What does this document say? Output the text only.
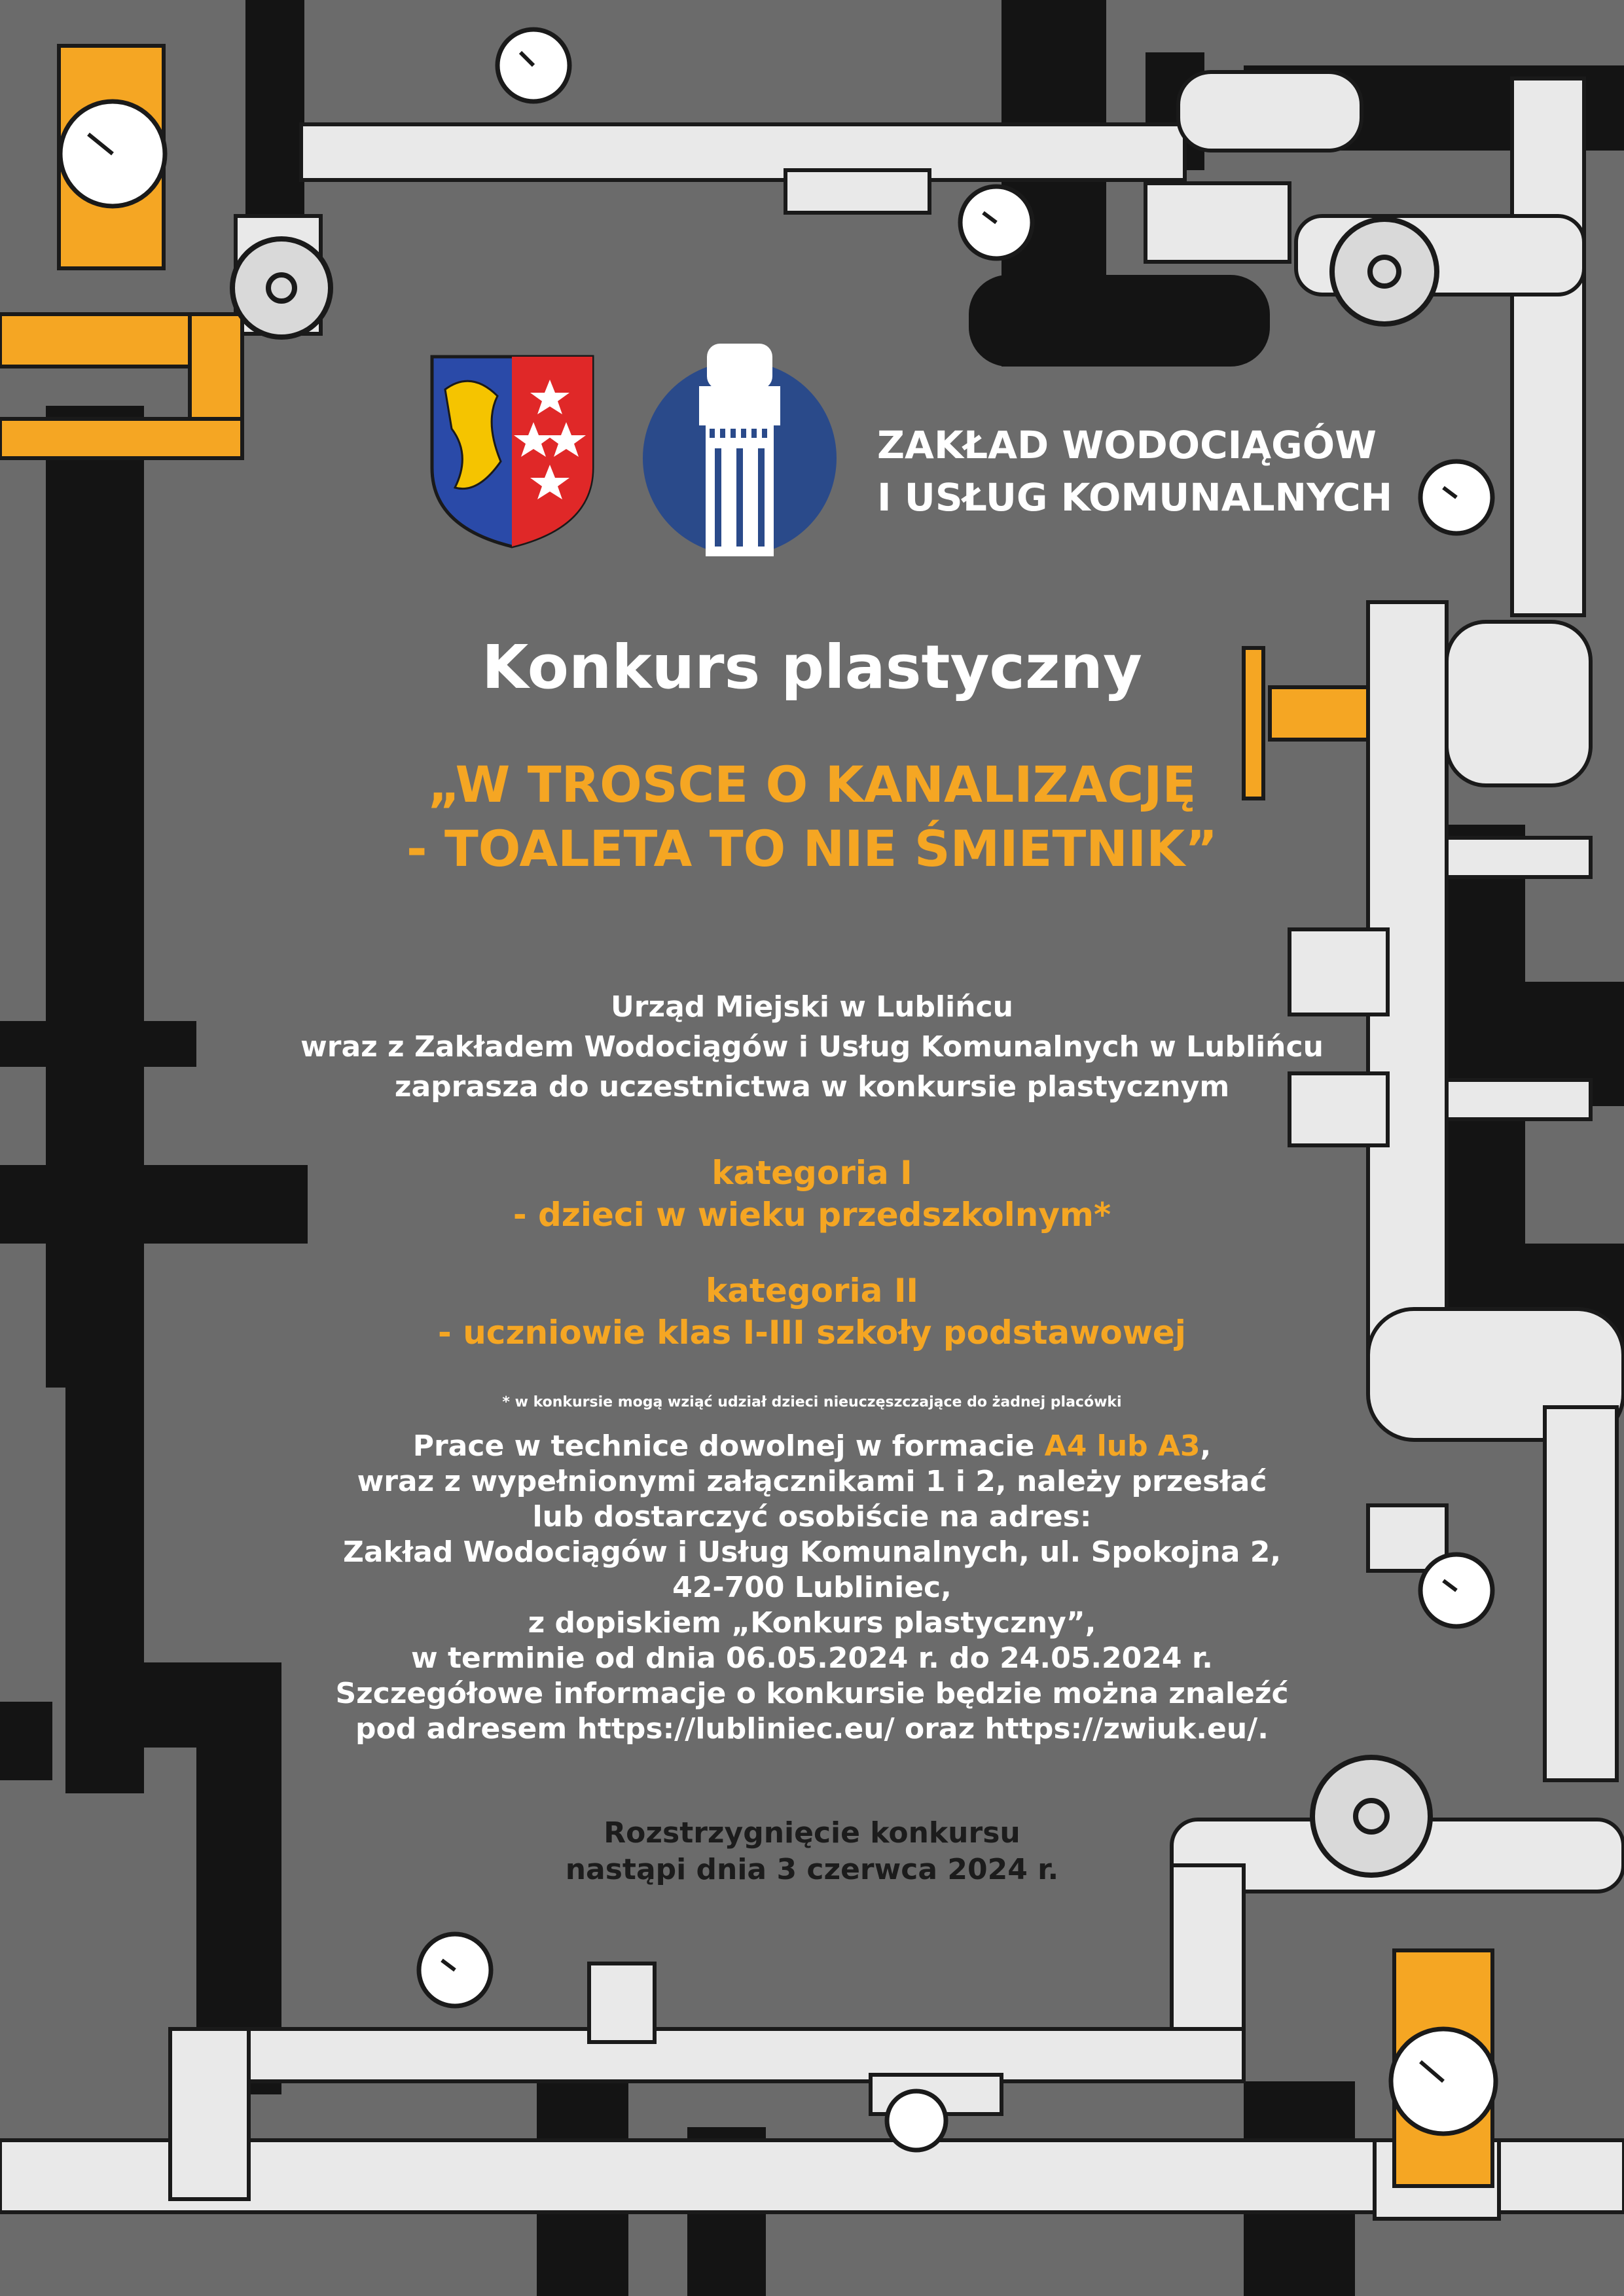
ZAKŁAD WODOCIĄGÓW
I USŁUG KOMUNALNYCH
Konkurs plastyczny
„W TROSCE O KANALIZACJĘ
- TOALETA TO NIE ŚMIETNIK”
Urząd Miejski w Lublińcu
wraz z Zakładem Wodociągów i Usług Komunalnych w Lublińcu
zaprasza do uczestnictwa w konkursie plastycznym
kategoria I
- dzieci w wieku przedszkolnym*
kategoria II
- uczniowie klas I-III szkoły podstawowej
* w konkursie mogą wziąć udział dzieci nieuczęszczające do żadnej placówki
Prace w technice dowolnej w formacie A4 lub A3,
wraz z wypełnionymi załącznikami 1 i 2, należy przesłać
lub dostarczyć osobiście na adres:
Zakład Wodociągów i Usług Komunalnych, ul. Spokojna 2,
42-700 Lubliniec,
z dopiskiem „Konkurs plastyczny”,
w terminie od dnia 06.05.2024 r. do 24.05.2024 r.
Szczegółowe informacje o konkursie będzie można znaleźć
pod adresem https://lubliniec.eu/ oraz https://zwiuk.eu/.
Rozstrzygnięcie konkursu
nastąpi dnia 3 czerwca 2024 r.
